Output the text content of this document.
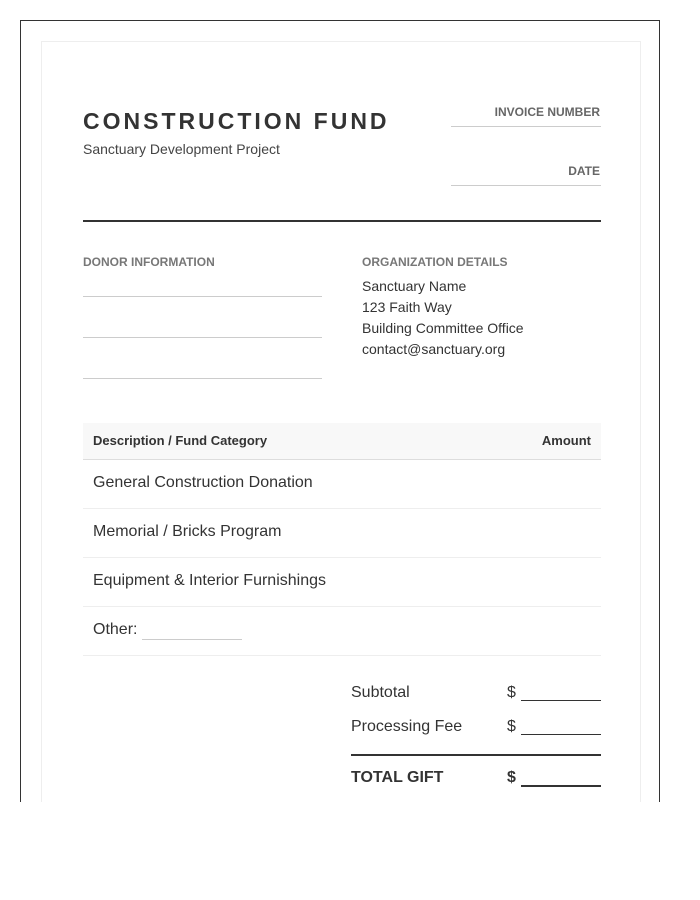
CONSTRUCTION FUND
Sanctuary Development Project
INVOICE NUMBER
DATE
DONOR INFORMATION	ORGANIZATION DETAILS
Sanctuary Name
123 Faith Way
Building Committee Office
contact@sanctuary.org
Description / Fund Category	Amount
General Construction Donation
Memorial / Bricks Program
Equipment & Interior Furnishings
Other:
Subtotal	$
Processing Fee	$
TOTAL GIFT	$
